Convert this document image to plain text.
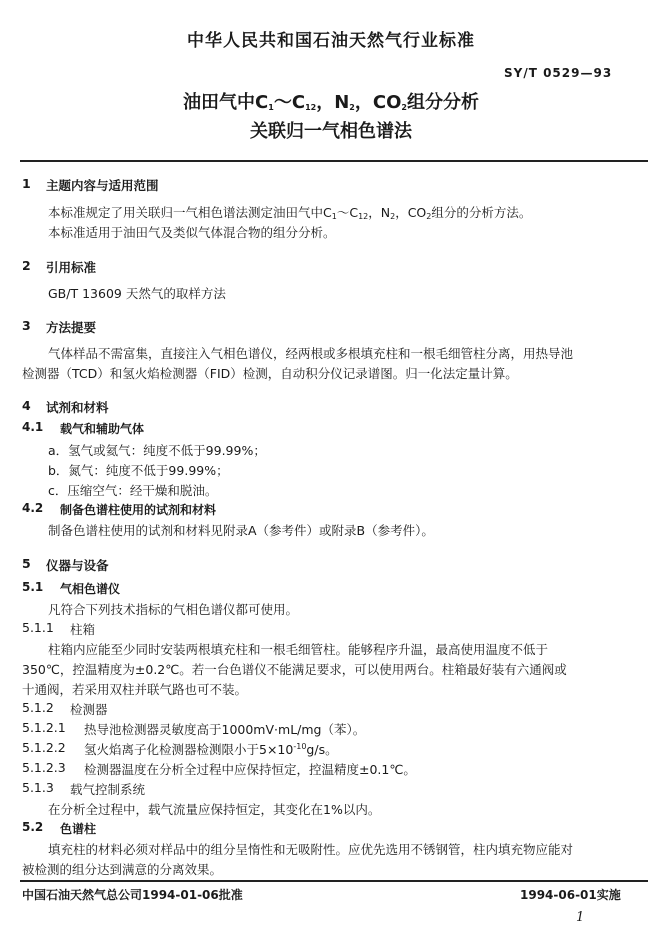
中华人民共和国石油天然气行业标准
SY/T 0529—93
油田气中$C_1\sim C_{12}$，$N_2$，$CO_2$组分分析
关联归一气相色谱法
1 主题内容与适用范围
本标准规定了用关联归一气相色谱法测定油田气中$C_1\sim C_{12}$，$N_2$，$CO_2$组分的分析方法。
本标准适用于油田气及类似气体混合物的组分分析。
2 引用标准
GB/T 13609 天然气的取样方法
3 方法提要
气体样品不需富集，直接注入气相色谱仪，经两根或多根填充柱和一根毛细管柱分离，用热导池
检测器（TCD）和氢火焰检测器（FID）检测，自动积分仪记录谱图。归一化法定量计算。
4 试剂和材料
4.1 载气和辅助气体
a．氢气或氦气：纯度不低于99.99%；
b．氮气：纯度不低于99.99%；
c．压缩空气：经干燥和脱油。
4.2 制备色谱柱使用的试剂和材料
制备色谱柱使用的试剂和材料见附录A（参考件）或附录B（参考件）。
5 仪器与设备
5.1 气相色谱仪
凡符合下列技术指标的气相色谱仪都可使用。
5.1.1 柱箱
柱箱内应能至少同时安装两根填充柱和一根毛细管柱。能够程序升温，最高使用温度不低于
350℃，控温精度为±0.2℃。若一台色谱仪不能满足要求，可以使用两台。柱箱最好装有六通阀或
十通阀，若采用双柱并联气路也可不装。
5.1.2 检测器
5.1.2.1 热导池检测器灵敏度高于1000mV·mL/mg（苯）。
5.1.2.2 氢火焰离子化检测器检测限小于$5\times 10^{-10}g/s$。
5.1.2.3 检测器温度在分析全过程中应保持恒定，控温精度±0.1℃。
5.1.3 载气控制系统
在分析全过程中，载气流量应保持恒定，其变化在1%以内。
5.2 色谱柱
填充柱的材料必须对样品中的组分呈惰性和无吸附性。应优先选用不锈钢管，柱内填充物应能对
被检测的组分达到满意的分离效果。
中国石油天然气总公司1994-01-06批准	1994-06-01实施
1
